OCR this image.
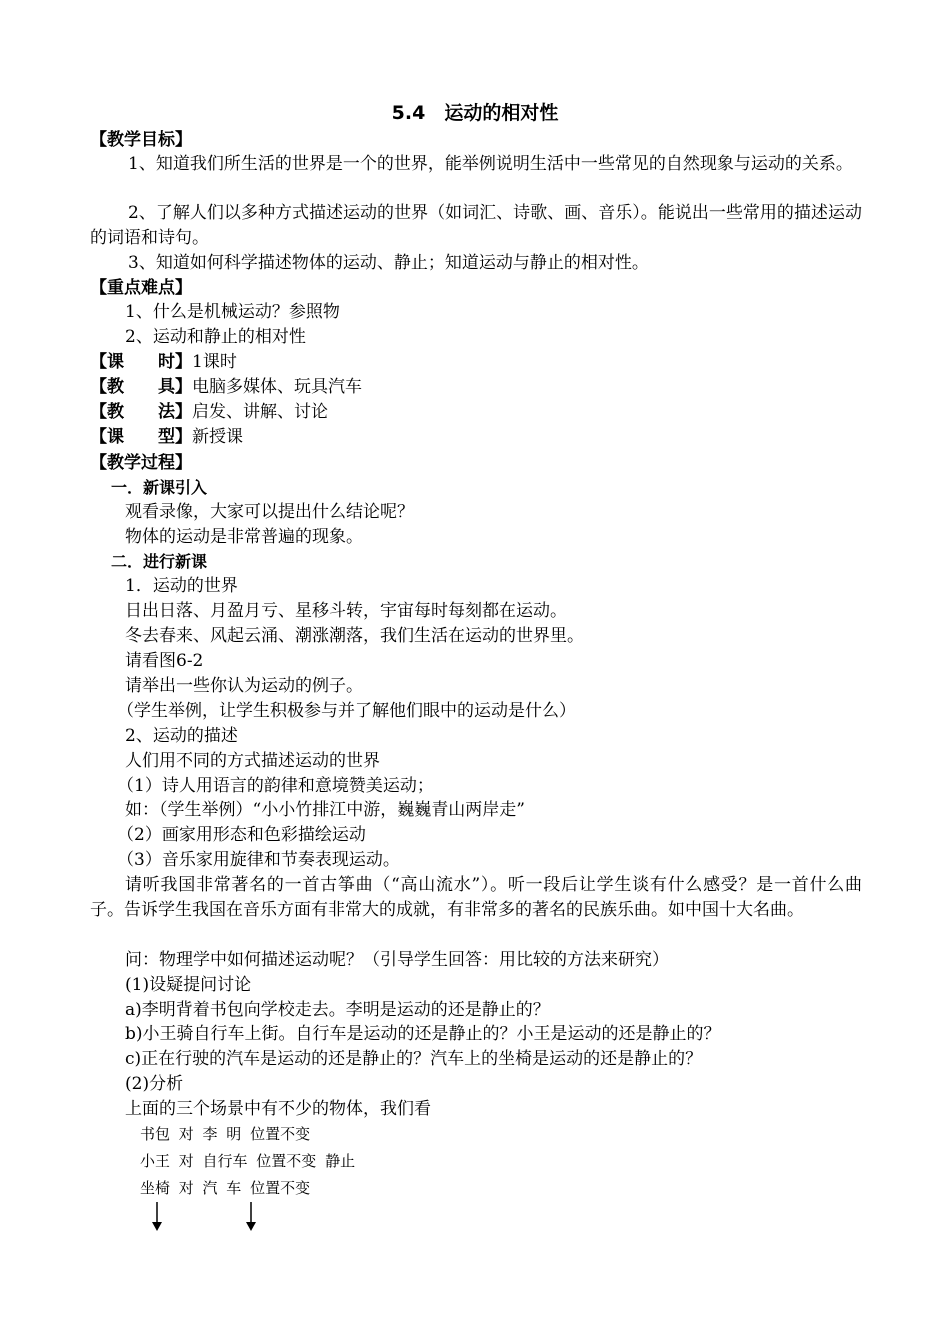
5.4　运动的相对性
【教学目标】
1、知道我们所生活的世界是一个的世界，能举例说明生活中一些常见的自然现象与运动的关系。
2、了解人们以多种方式描述运动的世界（如词汇、诗歌、画、音乐）。能说出一些常用的描述运动的词语和诗句。
3、知道如何科学描述物体的运动、静止；知道运动与静止的相对性。
【重点难点】
1、什么是机械运动？参照物
2、运动和静止的相对性
【课　　时】1课时
【教　　具】电脑多媒体、玩具汽车
【教　　法】启发、讲解、讨论
【课　　型】新授课
【教学过程】
一．新课引入
观看录像，大家可以提出什么结论呢？
物体的运动是非常普遍的现象。
二．进行新课
1．运动的世界
日出日落、月盈月亏、星移斗转，宇宙每时每刻都在运动。
冬去春来、风起云涌、潮涨潮落，我们生活在运动的世界里。
请看图6-2
请举出一些你认为运动的例子。
（学生举例，让学生积极参与并了解他们眼中的运动是什么）
2、运动的描述
人们用不同的方式描述运动的世界
（1）诗人用语言的韵律和意境赞美运动；
如：（学生举例）“小小竹排江中游，巍巍青山两岸走”
（2）画家用形态和色彩描绘运动
（3）音乐家用旋律和节奏表现运动。
请听我国非常著名的一首古筝曲（“高山流水”）。听一段后让学生谈有什么感受？是一首什么曲子。告诉学生我国在音乐方面有非常大的成就，有非常多的著名的民族乐曲。如中国十大名曲。
问：物理学中如何描述运动呢？（引导学生回答：用比较的方法来研究）
(1)设疑提问讨论
a)李明背着书包向学校走去。李明是运动的还是静止的？
b)小王骑自行车上街。自行车是运动的还是静止的？小王是运动的还是静止的？
c)正在行驶的汽车是运动的还是静止的？汽车上的坐椅是运动的还是静止的？
(2)分析
上面的三个场景中有不少的物体，我们看
书包 对 李 明 位置不变
小王 对 自行车 位置不变 静止
坐椅 对 汽 车 位置不变
